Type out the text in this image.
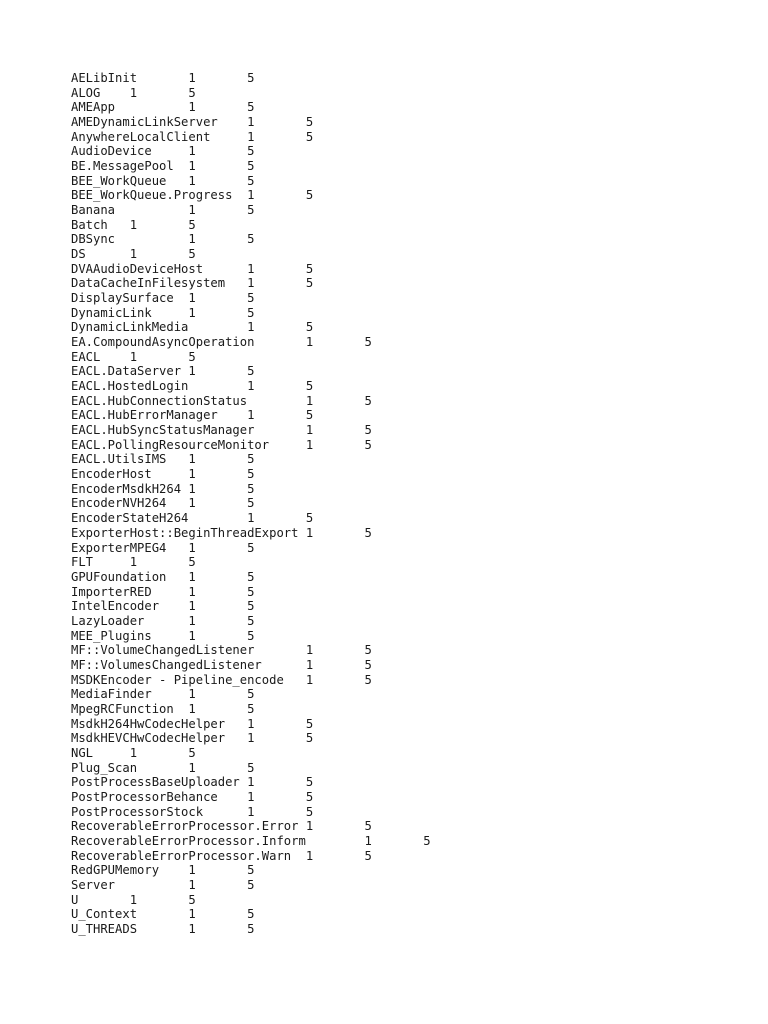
AELibInit	1	5
ALOG	1	5
AMEApp		1	5
AMEDynamicLinkServer	1	5
AnywhereLocalClient	1	5
AudioDevice	1	5
BE.MessagePool	1	5
BEE_WorkQueue	1	5
BEE_WorkQueue.Progress	1	5
Banana		1	5
Batch	1	5
DBSync		1	5
DS	1	5
DVAAudioDeviceHost	1	5
DataCacheInFilesystem	1	5
DisplaySurface	1	5
DynamicLink	1	5
DynamicLinkMedia	1	5
EA.CompoundAsyncOperation	1	5
EACL	1	5
EACL.DataServer	1	5
EACL.HostedLogin	1	5
EACL.HubConnectionStatus	1	5
EACL.HubErrorManager	1	5
EACL.HubSyncStatusManager	1	5
EACL.PollingResourceMonitor	1	5
EACL.UtilsIMS	1	5
EncoderHost	1	5
EncoderMsdkH264	1	5
EncoderNVH264	1	5
EncoderStateH264	1	5
ExporterHost::BeginThreadExport	1	5
ExporterMPEG4	1	5
FLT	1	5
GPUFoundation	1	5
ImporterRED	1	5
IntelEncoder	1	5
LazyLoader	1	5
MEE_Plugins	1	5
MF::VolumeChangedListener	1	5
MF::VolumesChangedListener	1	5
MSDKEncoder - Pipeline_encode	1	5
MediaFinder	1	5
MpegRCFunction	1	5
MsdkH264HwCodecHelper	1	5
MsdkHEVCHwCodecHelper	1	5
NGL	1	5
Plug_Scan	1	5
PostProcessBaseUploader	1	5
PostProcessorBehance	1	5
PostProcessorStock	1	5
RecoverableErrorProcessor.Error	1	5
RecoverableErrorProcessor.Inform	1	5
RecoverableErrorProcessor.Warn	1	5
RedGPUMemory	1	5
Server		1	5
U	1	5
U_Context	1	5
U_THREADS	1	5
